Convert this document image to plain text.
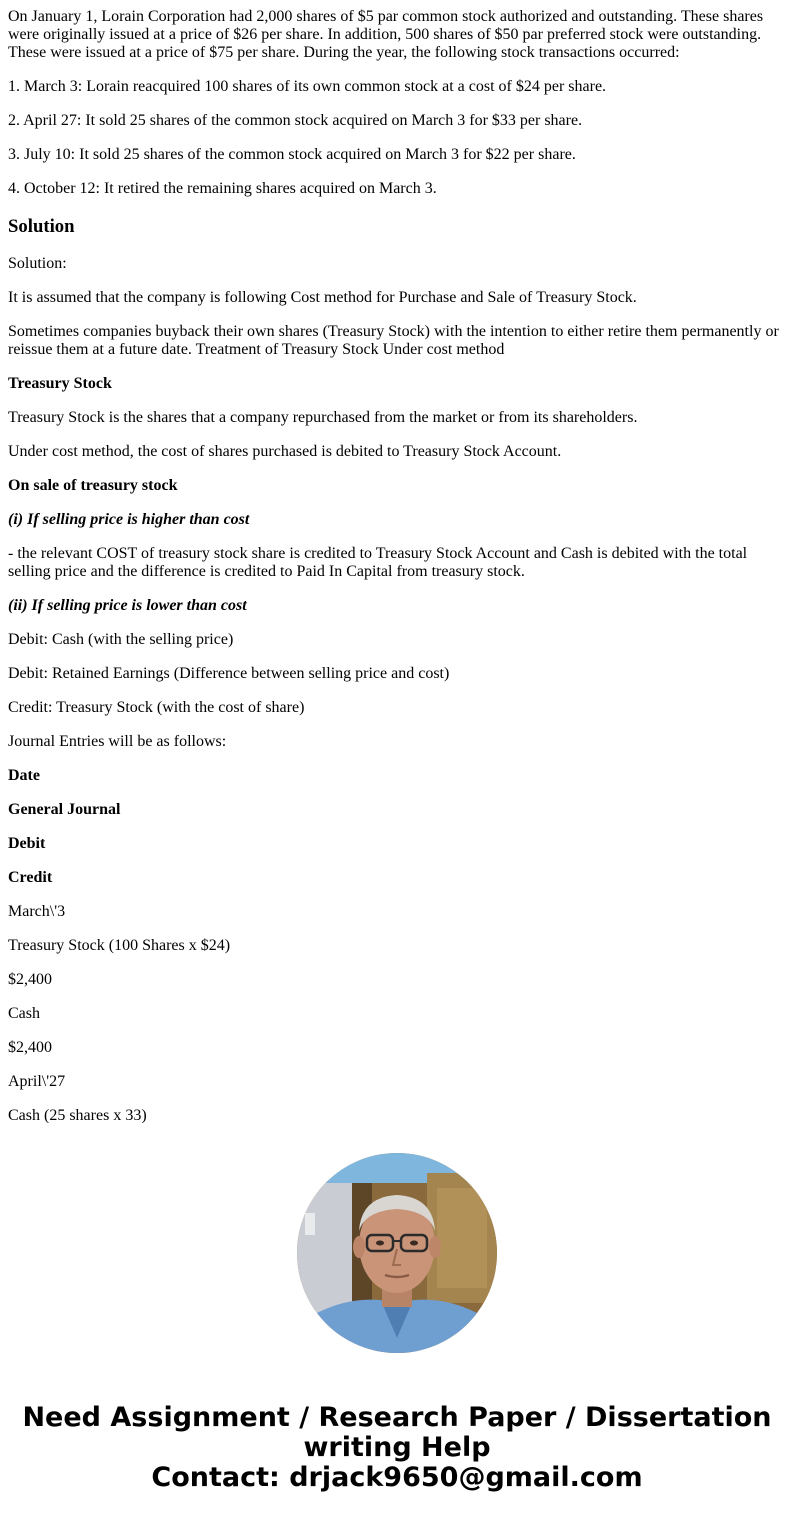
On January 1, Lorain Corporation had 2,000 shares of $5 par common stock authorized and outstanding. These shares were originally issued at a price of $26 per share. In addition, 500 shares of $50 par preferred stock were outstanding. These were issued at a price of $75 per share. During the year, the following stock transactions occurred:

1. March 3: Lorain reacquired 100 shares of its own common stock at a cost of $24 per share.

2. April 27: It sold 25 shares of the common stock acquired on March 3 for $33 per share.

3. July 10: It sold 25 shares of the common stock acquired on March 3 for $22 per share.

4. October 12: It retired the remaining shares acquired on March 3.

Solution

Solution:

It is assumed that the company is following Cost method for Purchase and Sale of Treasury Stock.

Sometimes companies buyback their own shares (Treasury Stock) with the intention to either retire them permanently or reissue them at a future date. Treatment of Treasury Stock Under cost method

Treasury Stock

Treasury Stock is the shares that a company repurchased from the market or from its shareholders.

Under cost method, the cost of shares purchased is debited to Treasury Stock Account.

On sale of treasury stock

(i) If selling price is higher than cost

- the relevant COST of treasury stock share is credited to Treasury Stock Account and Cash is debited with the total selling price and the difference is credited to Paid In Capital from treasury stock.

(ii) If selling price is lower than cost

Debit: Cash (with the selling price)

Debit: Retained Earnings (Difference between selling price and cost)

Credit: Treasury Stock (with the cost of share)

Journal Entries will be as follows:

Date

General Journal

Debit

Credit

March\'3

Treasury Stock (100 Shares x $24)

$2,400

Cash

$2,400

April\'27

Cash (25 shares x 33)

Need Assignment / Research Paper / Dissertation
writing Help
Contact: drjack9650@gmail.com
